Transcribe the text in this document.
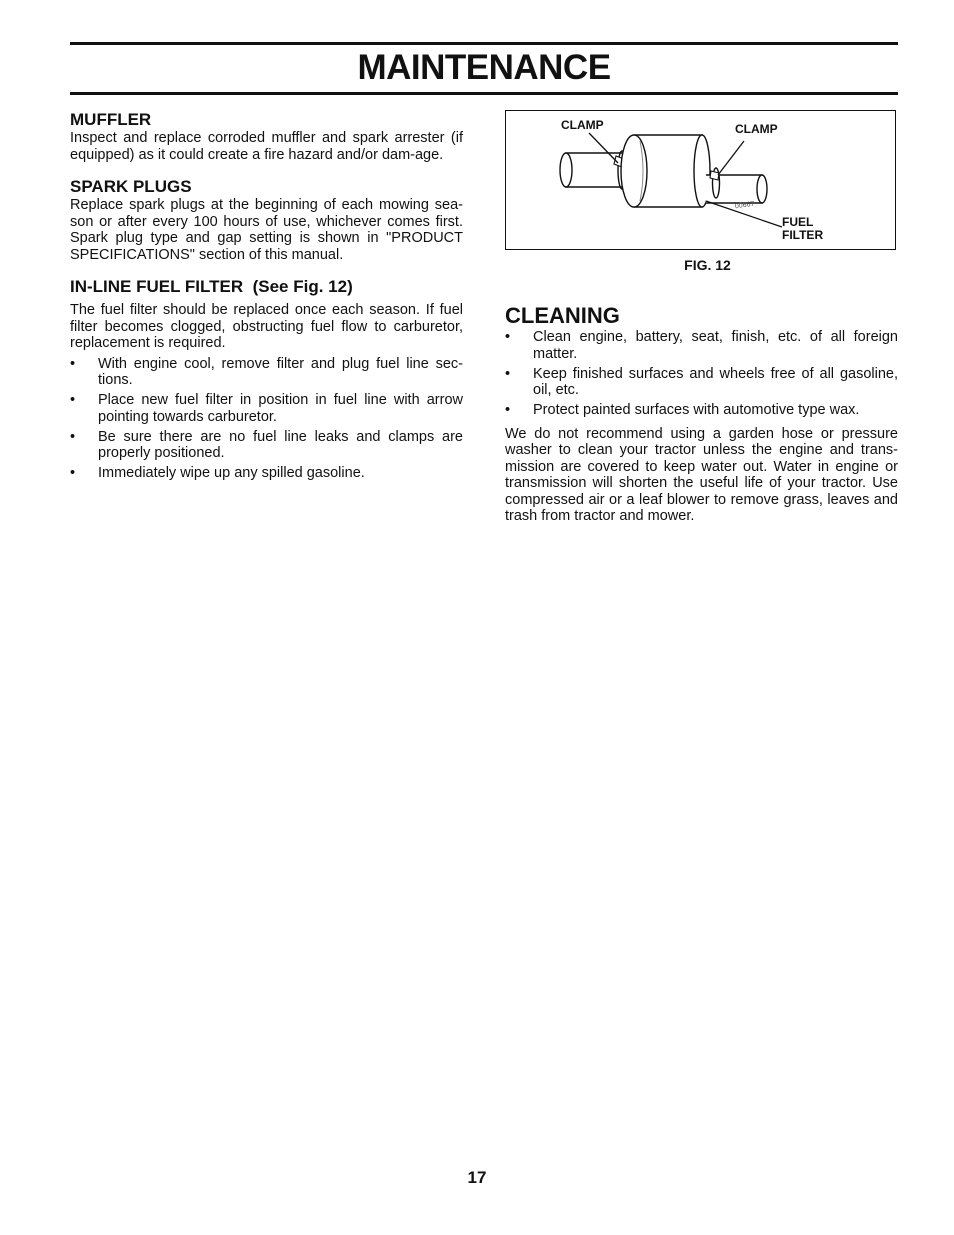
MAINTENANCE
MUFFLER

Inspect and replace corroded muffler and spark arrester (if equipped) as it could create a fire hazard and/or dam-age.

SPARK PLUGS

Replace spark plugs at the beginning of each mowing sea-son or after every 100 hours of use, whichever comes first. Spark plug type and gap setting is shown in "PRODUCT SPECIFICATIONS" section of this manual.

IN-LINE FUEL FILTER  (See Fig. 12)

The fuel filter should be replaced once each season. If fuel filter becomes clogged, obstructing fuel flow to carburetor, replacement is required.

• With engine cool, remove filter and plug fuel line sec-tions.
• Place new fuel filter in position in fuel line with arrow pointing towards carburetor.
• Be sure there are no fuel line leaks and clamps are properly positioned.
• Immediately wipe up any spilled gasoline.
CLAMP	CLAMP
FUEL
FILTER
00667
FIG. 12
CLEANING
• Clean engine, battery, seat, finish, etc. of all foreign matter.
• Keep finished surfaces and wheels free of all gasoline, oil, etc.
• Protect painted surfaces with automotive type wax.

We do not recommend using a garden hose or pressure washer to clean your tractor unless the engine and trans-mission are covered to keep water out. Water in engine or transmission will shorten the useful life of your tractor. Use compressed air or a leaf blower to remove grass, leaves and trash from tractor and mower.

17
